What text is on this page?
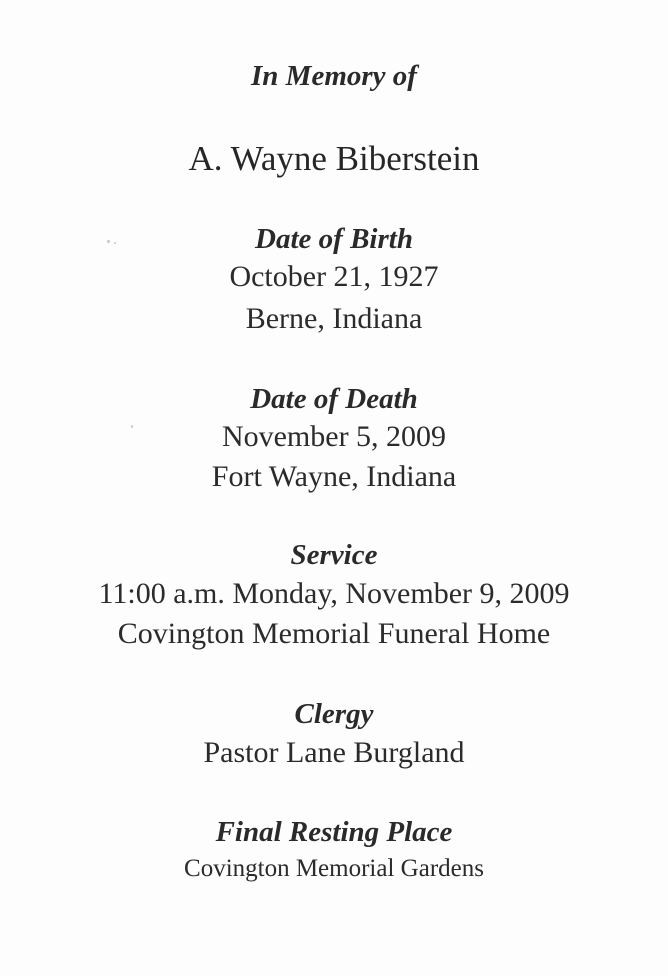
In Memory of
A. Wayne Biberstein
Date of Birth
October 21, 1927
Berne, Indiana
Date of Death
November 5, 2009
Fort Wayne, Indiana
Service
11:00 a.m. Monday, November 9, 2009
Covington Memorial Funeral Home
Clergy
Pastor Lane Burgland
Final Resting Place
Covington Memorial Gardens
